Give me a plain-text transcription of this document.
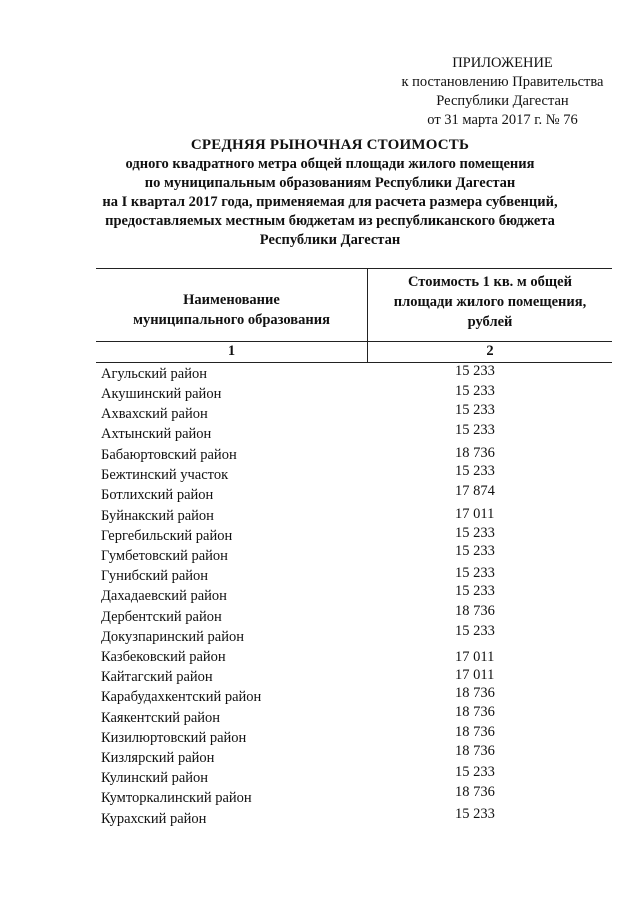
ПРИЛОЖЕНИЕ
к постановлению Правительства
Республики Дагестан
от 31 марта 2017 г. № 76
СРЕДНЯЯ РЫНОЧНАЯ СТОИМОСТЬ
одного квадратного метра общей площади жилого помещения
по муниципальным образованиям Республики Дагестан
на I квартал 2017 года, применяемая для расчета размера субвенций,
предоставляемых местным бюджетам из республиканского бюджета
Республики Дагестан
Наименование
муниципального образования
Стоимость 1 кв. м общей
площади жилого помещения,
рублей
1	2
Агульский район	15 233
Акушинский район	15 233
Ахвахский район	15 233
Ахтынский район	15 233
Бабаюртовский район	18 736
Бежтинский участок	15 233
Ботлихский район	17 874
Буйнакский район	17 011
Гергебильский район	15 233
Гумбетовский район	15 233
Гунибский район	15 233
Дахадаевский район	15 233
Дербентский район	18 736
Докузпаринский район	15 233
Казбековский район	17 011
Кайтагский район	17 011
Карабудахкентский район	18 736
Каякентский район	18 736
Кизилюртовский район	18 736
Кизлярский район	18 736
Кулинский район	15 233
Кумторкалинский район	18 736
Курахский район	15 233
